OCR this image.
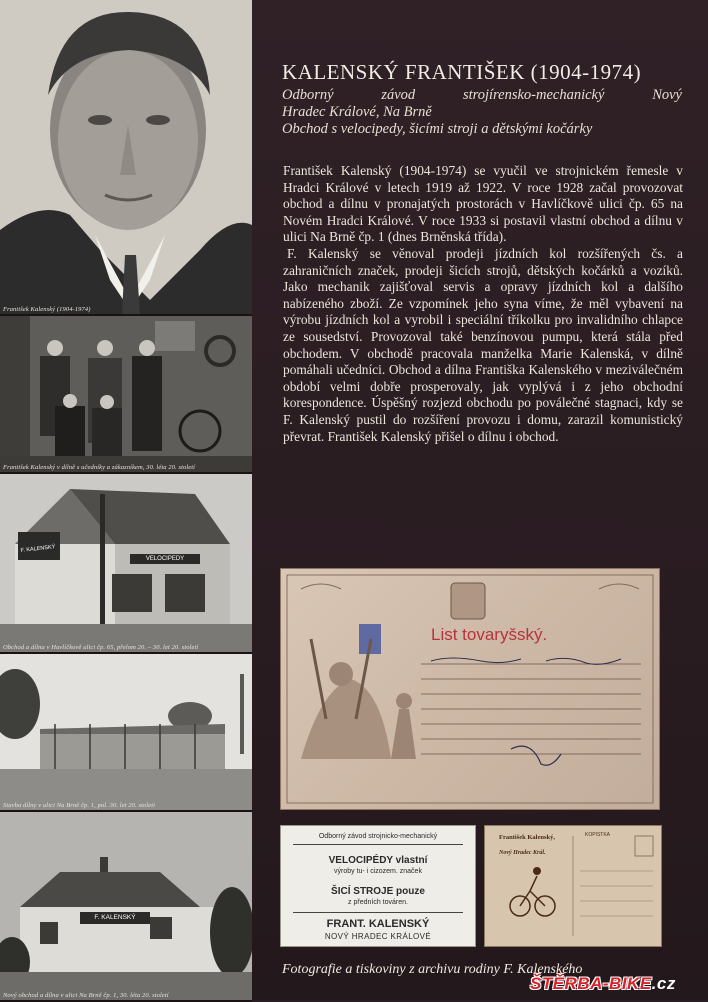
František Kalenský (1904-1974)
František Kalenský v dílně s učedníky a zákazníkem, 30. léta 20. století
F. KALENSKÝ
VELOCIPEDY
Obchod a dílna v Havlíčkově ulici čp. 65, přelom 20. – 30. let 20. století
Stavba dílny v ulici Na Brně čp. 1, pol. 30. let 20. století
F. KALENSKÝ
Nový obchod a dílna v ulici Na Brně čp. 1, 30. léta 20. století
KALENSKÝ FRANTIŠEK (1904-1974)
Odborný závod strojírensko-mechanický Nový
Hradec Králové, Na Brně
Obchod s velocipedy, šicími stroji a dětskými kočárky

František Kalenský (1904-1974) se vyučil ve strojnickém řemesle v Hradci Králové v letech 1919 až 1922. V roce 1928 začal provozovat obchod a dílnu v pronajatých prostorách v Havlíčkově ulici čp. 65 na Novém Hradci Králové. V roce 1933 si postavil vlastní obchod a dílnu v ulici Na Brně čp. 1 (dnes Brněnská třída).

F. Kalenský se věnoval prodeji jízdních kol rozšířených čs. a zahraničních značek, prodeji šicích strojů, dětských kočárků a vozíků. Jako mechanik zajišťoval servis a opravy jízdních kol a dalšího nabízeného zboží. Ze vzpomínek jeho syna víme, že měl vybavení na výrobu jízdních kol a vyrobil i speciální tříkolku pro invalidního chlapce ze sousedství. Provozoval také benzínovou pumpu, která stála před obchodem. V obchodě pracovala manželka Marie Kalenská, v dílně pomáhali učedníci. Obchod a dílna Františka Kalenského v meziválečném období velmi dobře prosperovaly, jak vyplývá i z jeho obchodní korespondence. Úspěšný rozjezd obchodu po poválečné stagnaci, kdy se F. Kalenský pustil do rozšíření provozu i domu, zarazil komunistický převrat. František Kalenský přišel o dílnu i obchod.

List tovaryšský.
Odborný závod strojnicko-mechanický
VELOCIPÉDY vlastní
výroby tu- i cizozem. značek
ŠICÍ STROJE pouze
z předních továren.
FRANT. KALENSKÝ
NOVÝ HRADEC KRÁLOVÉ
František Kalenský,
Nový Hradec Král.
KOPISTKA
Fotografie a tiskoviny z archivu rodiny F. Kalenského
ŠTĚRBA-BIKE.cz
